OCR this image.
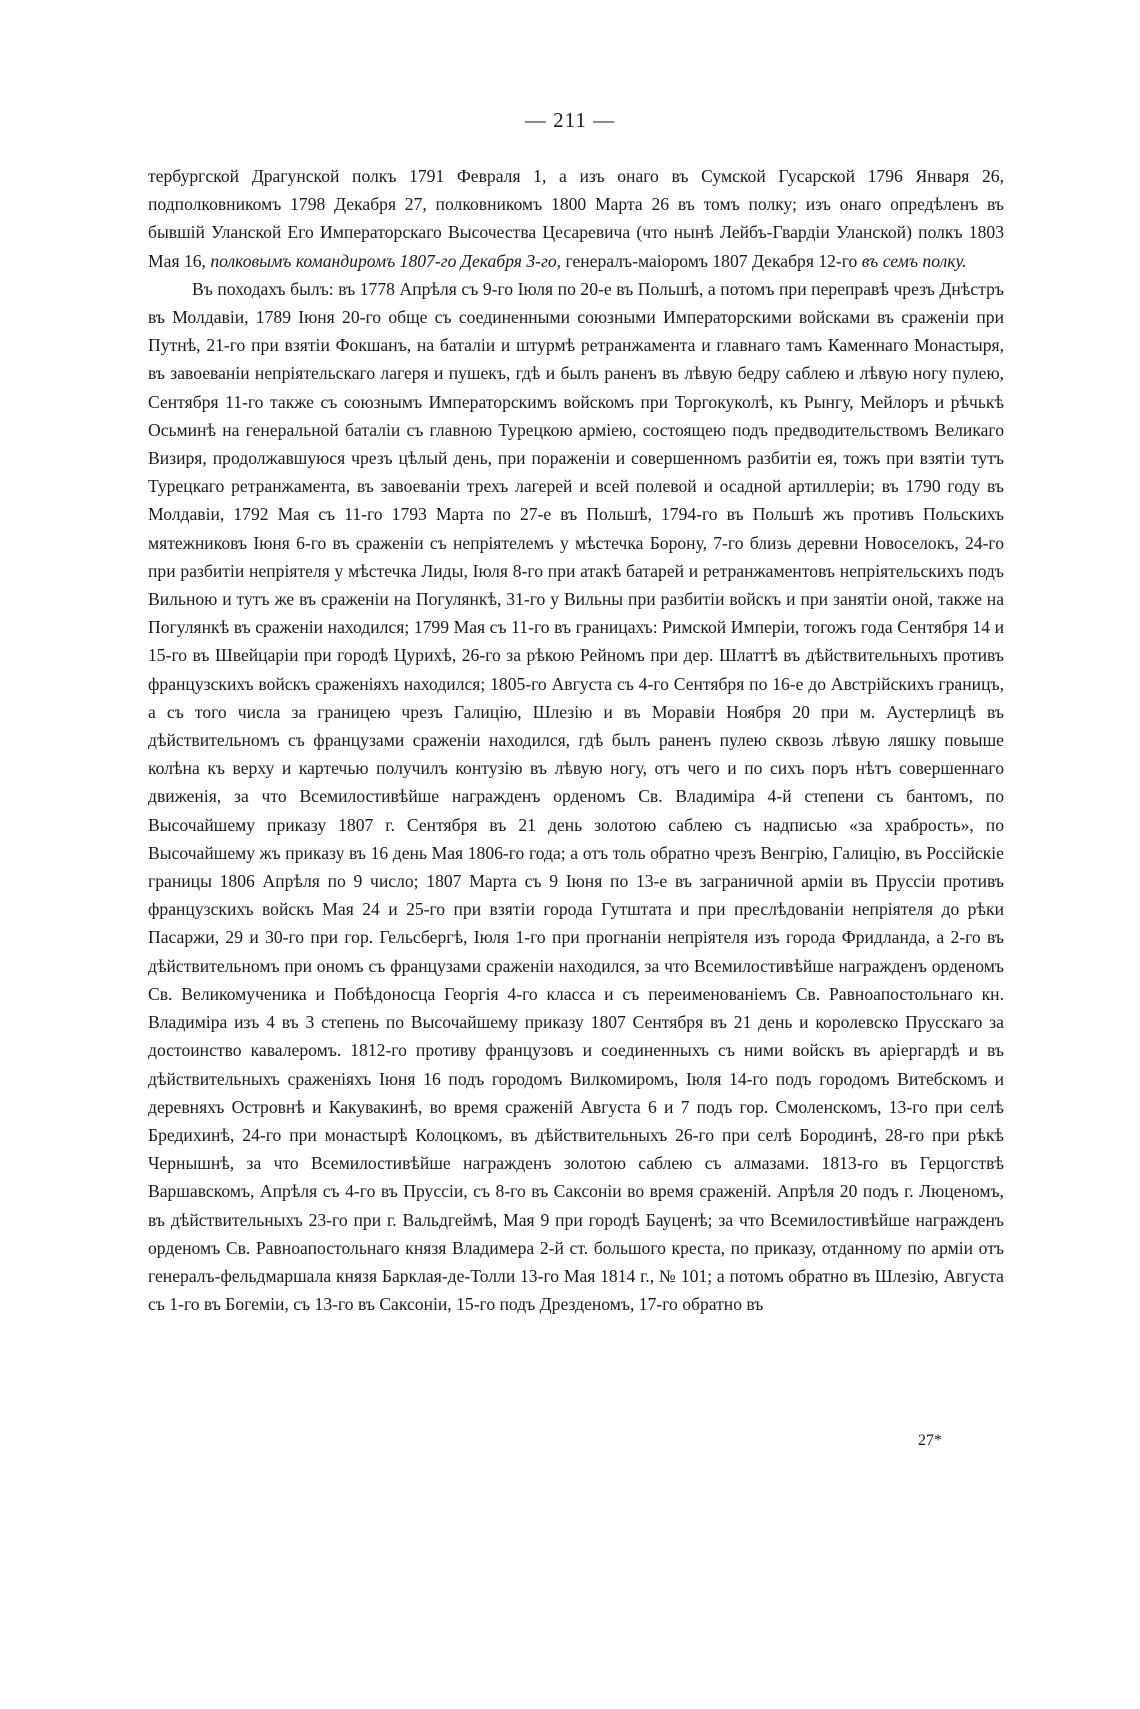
— 211 —

тербургской Драгунской полкъ 1791 Февраля 1, а изъ онаго въ Сумской Гусарской 1796 Января 26, подполковникомъ 1798 Декабря 27, полковникомъ 1800 Марта 26 въ томъ полку; изъ онаго опредѣленъ въ бывшій Уланской Его Императорскаго Высочества Цесаревича (что нынѣ Лейбъ-Гвардіи Уланской) полкъ 1803 Мая 16, полковымъ командиромъ 1807-го Декабря 3-го, генералъ-маіоромъ 1807 Декабря 12-го въ семъ полку.

Въ походахъ былъ: въ 1778 Апрѣля съ 9-го Іюля по 20-е въ Польшѣ, а потомъ при переправѣ чрезъ Днѣстръ въ Молдавіи, 1789 Іюня 20-го обще съ соединенными союзными Императорскими войсками въ сраженіи при Путнѣ, 21-го при взятіи Фокшанъ, на баталіи и штурмѣ ретранжамента и главнаго тамъ Каменнаго Монастыря, въ завоеваніи непріятельскаго лагеря и пушекъ, гдѣ и былъ раненъ въ лѣвую бедру саблею и лѣвую ногу пулею, Сентября 11-го также съ союзнымъ Императорскимъ войскомъ при Торгокуколѣ, къ Рынгу, Мейлоръ и рѣчькѣ Осьминѣ на генеральной баталіи съ главною Турецкою арміею, состоящею подъ предводительствомъ Великаго Визиря, продолжавшуюся чрезъ цѣлый день, при пораженіи и совершенномъ разбитіи ея, тожъ при взятіи тутъ Турецкаго ретранжамента, въ завоеваніи трехъ лагерей и всей полевой и осадной артиллеріи; въ 1790 году въ Молдавіи, 1792 Мая съ 11-го 1793 Марта по 27-е въ Польшѣ, 1794-го въ Польшѣ жъ противъ Польскихъ мятежниковъ Іюня 6-го въ сраженіи съ непріятелемъ у мѣстечка Борону, 7-го близь деревни Новоселокъ, 24-го при разбитіи непріятеля у мѣстечка Лиды, Іюля 8-го при атакѣ батарей и ретранжаментовъ непріятельскихъ подъ Вильною и тутъ же въ сраженіи на Погулянкѣ, 31-го у Вильны при разбитіи войскъ и при занятіи оной, также на Погулянкѣ въ сраженіи находился; 1799 Мая съ 11-го въ границахъ: Римской Имперіи, тогожъ года Сентября 14 и 15-го въ Швейцаріи при городѣ Цурихѣ, 26-го за рѣкою Рейномъ при дер. Шлаттѣ въ дѣйствительныхъ противъ французскихъ войскъ сраженіяхъ находился; 1805-го Августа съ 4-го Сентября по 16-е до Австрійскихъ границъ, а съ того числа за границею чрезъ Галицію, Шлезію и въ Моравіи Ноября 20 при м. Аустерлицѣ въ дѣйствительномъ съ французами сраженіи находился, гдѣ былъ раненъ пулею сквозь лѣвую ляшку повыше колѣна къ верху и картечью получилъ контузію въ лѣвую ногу, отъ чего и по сихъ поръ нѣтъ совершеннаго движенія, за что Всемилостивѣйше награжденъ орденомъ Св. Владиміра 4-й степени съ бантомъ, по Высочайшему приказу 1807 г. Сентября въ 21 день золотою саблею съ надписью «за храбрость», по Высочайшему жъ приказу въ 16 день Мая 1806-го года; а отъ толь обратно чрезъ Венгрію, Галицію, въ Россійскіе границы 1806 Апрѣля по 9 число; 1807 Марта съ 9 Іюня по 13-е въ заграничной арміи въ Пруссіи противъ французскихъ войскъ Мая 24 и 25-го при взятіи города Гутштата и при преслѣдованіи непріятеля до рѣки Пасаржи, 29 и 30-го при гор. Гельсбергѣ, Іюля 1-го при прогнаніи непріятеля изъ города Фридланда, а 2-го въ дѣйствительномъ при ономъ съ французами сраженіи находился, за что Всемилостивѣйше награжденъ орденомъ Св. Великомученика и Побѣдоносца Георгія 4-го класса и съ переименованіемъ Св. Равноапостольнаго кн. Владиміра изъ 4 въ 3 степень по Высочайшему приказу 1807 Сентября въ 21 день и королевско Прусскаго за достоинство кавалеромъ. 1812-го противу французовъ и соединенныхъ съ ними войскъ въ аріергардѣ и въ дѣйствительныхъ сраженіяхъ Іюня 16 подъ городомъ Вилкомиромъ, Іюля 14-го подъ городомъ Витебскомъ и деревняхъ Островнѣ и Какувакинѣ, во время сраженій Августа 6 и 7 подъ гор. Смоленскомъ, 13-го при селѣ Бредихинѣ, 24-го при монастырѣ Колоцкомъ, въ дѣйствительныхъ 26-го при селѣ Бородинѣ, 28-го при рѣкѣ Чернышнѣ, за что Всемилостивѣйше награжденъ золотою саблею съ алмазами. 1813-го въ Герцогствѣ Варшавскомъ, Апрѣля съ 4-го въ Пруссіи, съ 8-го въ Саксоніи во время сраженій. Апрѣля 20 подъ г. Люценомъ, въ дѣйствительныхъ 23-го при г. Вальдгеймѣ, Мая 9 при городѣ Бауценѣ; за что Всемилостивѣйше награжденъ орденомъ Св. Равноапостольнаго князя Владимера 2-й ст. большого креста, по приказу, отданному по арміи отъ генералъ-фельдмаршала князя Барклая-де-Толли 13-го Мая 1814 г., № 101; а потомъ обратно въ Шлезію, Августа съ 1-го въ Богеміи, съ 13-го въ Саксоніи, 15-го подъ Дрезденомъ, 17-го обратно въ

27*
